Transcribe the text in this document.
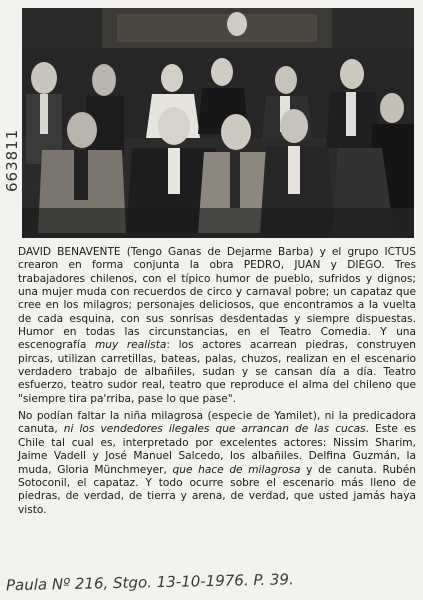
663811

DAVID BENAVENTE (Tengo Ganas de Dejarme Barba) y el grupo ICTUS crearon en forma conjunta la obra PEDRO, JUAN y DIEGO. Tres trabajadores chilenos, con el típico humor de pueblo, sufridos y dignos; una mujer muda con recuerdos de circo y carnaval pobre; un capataz que cree en los milagros; personajes deliciosos, que encontramos a la vuelta de cada esquina, con sus sonrisas desdentadas y siempre dispuestas. Humor en todas las circunstancias, en el Teatro Comedia. Y una escenografía muy realista: los actores acarrean piedras, construyen pircas, utilizan carretillas, bateas, palas, chuzos, realizan en el escenario verdadero trabajo de albañiles, sudan y se cansan día a día. Teatro esfuerzo, teatro sudor real, teatro que reproduce el alma del chileno que "siempre tira pa'rriba, pase lo que pase".

No podían faltar la niña milagrosa (especie de Yamilet), ni la predicadora canuta, ni los vendedores ilegales que arrancan de las cucas. Este es Chile tal cual es, interpretado por excelentes actores: Nissim Sharim, Jaime Vadell y José Manuel Salcedo, los albañiles. Delfina Guzmán, la muda, Gloria Münchmeyer, que hace de milagrosa y de canuta. Rubén Sotoconil, el capataz. Y todo ocurre sobre el escenario más lleno de piedras, de verdad, de tierra y arena, de verdad, que usted jamás haya visto.

Paula Nº 216, Stgo. 13-10-1976. P. 39.
